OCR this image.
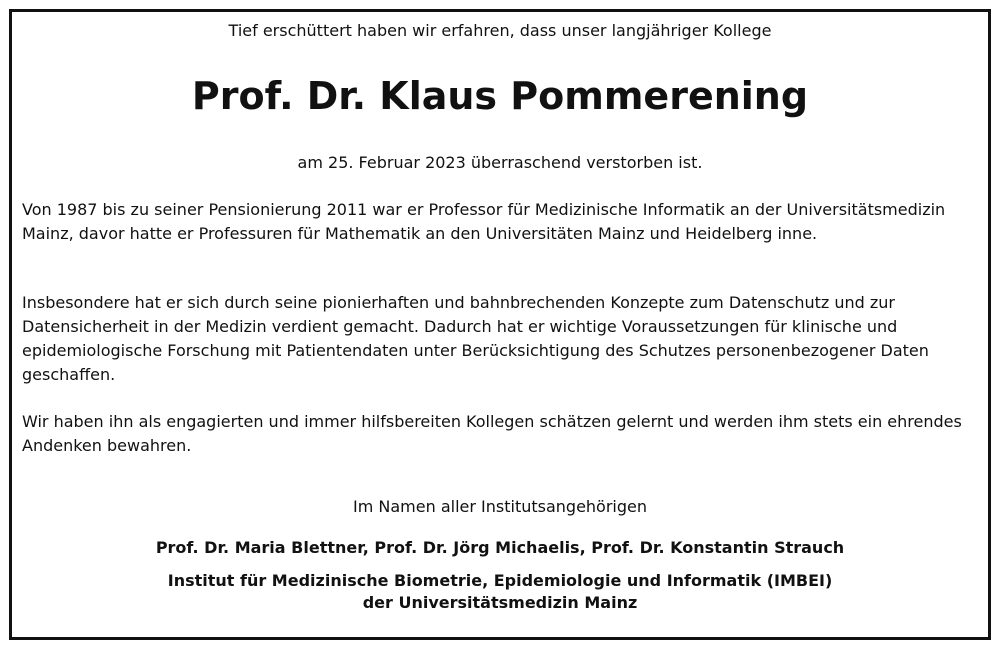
Tief erschüttert haben wir erfahren, dass unser langjähriger Kollege
Prof. Dr. Klaus Pommerening
am 25. Februar 2023 überraschend verstorben ist.

Von 1987 bis zu seiner Pensionierung 2011 war er Professor für Medizinische Informatik an der Universitätsmedizin Mainz, davor hatte er Professuren für Mathematik an den Universitäten Mainz und Heidelberg inne.

Insbesondere hat er sich durch seine pionierhaften und bahnbrechenden Konzepte zum Datenschutz und zur Datensicherheit in der Medizin verdient gemacht. Dadurch hat er wichtige Voraussetzungen für klinische und epidemiologische Forschung mit Patientendaten unter Berücksichtigung des Schutzes personenbezogener Daten geschaffen.

Wir haben ihn als engagierten und immer hilfsbereiten Kollegen schätzen gelernt und werden ihm stets ein ehrendes Andenken bewahren.

Im Namen aller Institutsangehörigen
Prof. Dr. Maria Blettner, Prof. Dr. Jörg Michaelis, Prof. Dr. Konstantin Strauch
Institut für Medizinische Biometrie, Epidemiologie und Informatik (IMBEI)
der Universitätsmedizin Mainz
